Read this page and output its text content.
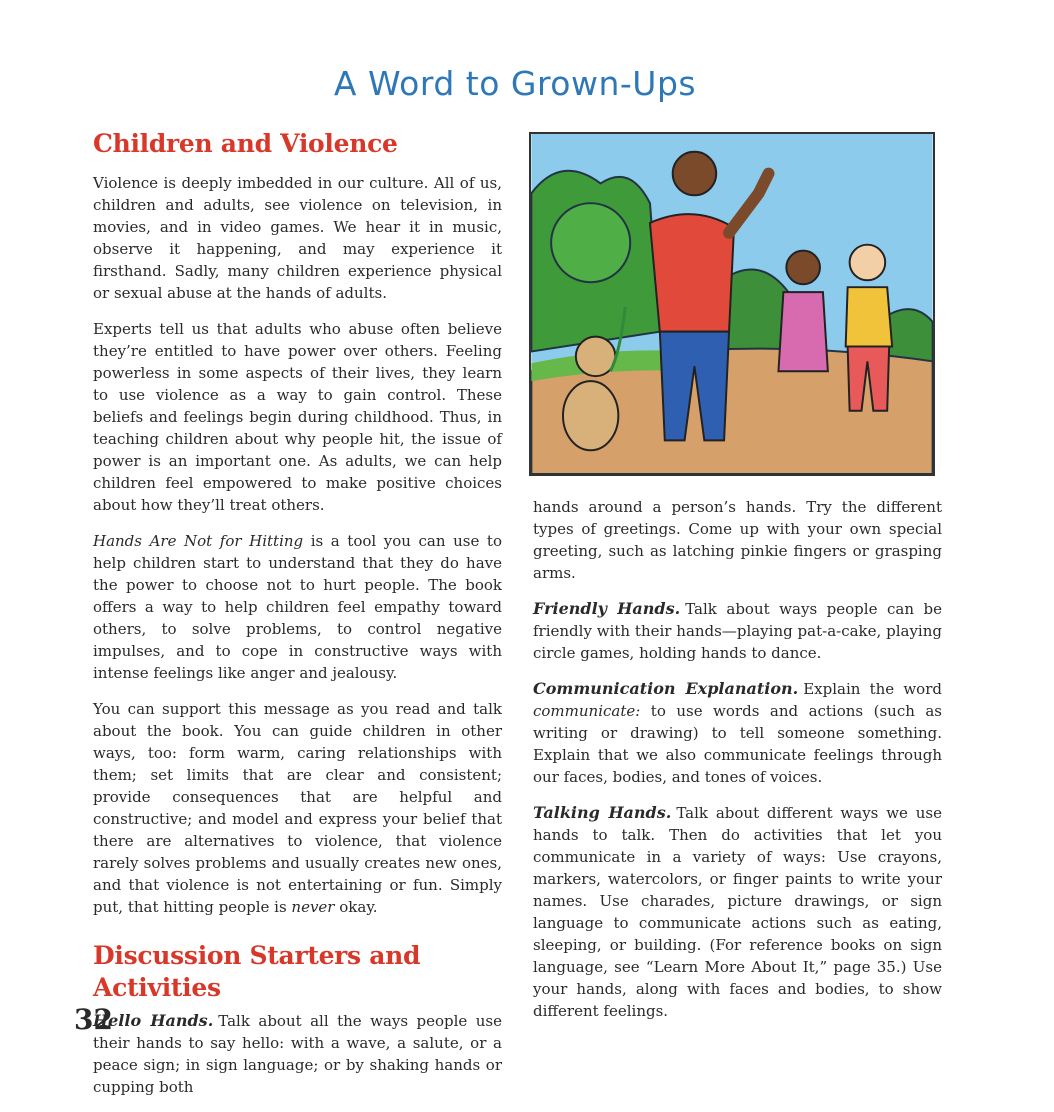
A Word to Grown-Ups
Children and Violence

Violence is deeply imbedded in our culture. All of us, children and adults, see violence on television, in movies, and in video games. We hear it in music, observe it happening, and may experience it firsthand. Sadly, many children experience physical or sexual abuse at the hands of adults.

Experts tell us that adults who abuse often believe they’re entitled to have power over others. Feeling powerless in some aspects of their lives, they learn to use violence as a way to gain control. These beliefs and feelings begin during childhood. Thus, in teaching children about why people hit, the issue of power is an important one. As adults, we can help children feel empowered to make positive choices about how they’ll treat others.

Hands Are Not for Hitting is a tool you can use to help children start to understand that they do have the power to choose not to hurt people. The book offers a way to help children feel empathy toward others, to solve problems, to control negative impulses, and to cope in constructive ways with intense feelings like anger and jealousy.

You can support this message as you read and talk about the book. You can guide children in other ways, too: form warm, caring relationships with them; set limits that are clear and consistent; provide consequences that are helpful and constructive; and model and express your belief that there are alternatives to violence, that violence rarely solves problems and usually creates new ones, and that violence is not entertaining or fun. Simply put, that hitting people is never okay.

Discussion Starters and Activities

Hello Hands. Talk about all the ways people use their hands to say hello: with a wave, a salute, or a peace sign; in sign language; or by shaking hands or cupping both

hands around a person’s hands. Try the different types of greetings. Come up with your own special greeting, such as latching pinkie fingers or grasping arms.

Friendly Hands. Talk about ways people can be friendly with their hands—playing pat-a-cake, playing circle games, holding hands to dance.

Communication Explanation. Explain the word communicate: to use words and actions (such as writing or drawing) to tell someone something. Explain that we also communicate feelings through our faces, bodies, and tones of voices.

Talking Hands. Talk about different ways we use hands to talk. Then do activities that let you communicate in a variety of ways: Use crayons, markers, watercolors, or finger paints to write your names. Use charades, picture drawings, or sign language to communicate actions such as eating, sleeping, or building. (For reference books on sign language, see “Learn More About It,” page 35.) Use your hands, along with faces and bodies, to show different feelings.

32
